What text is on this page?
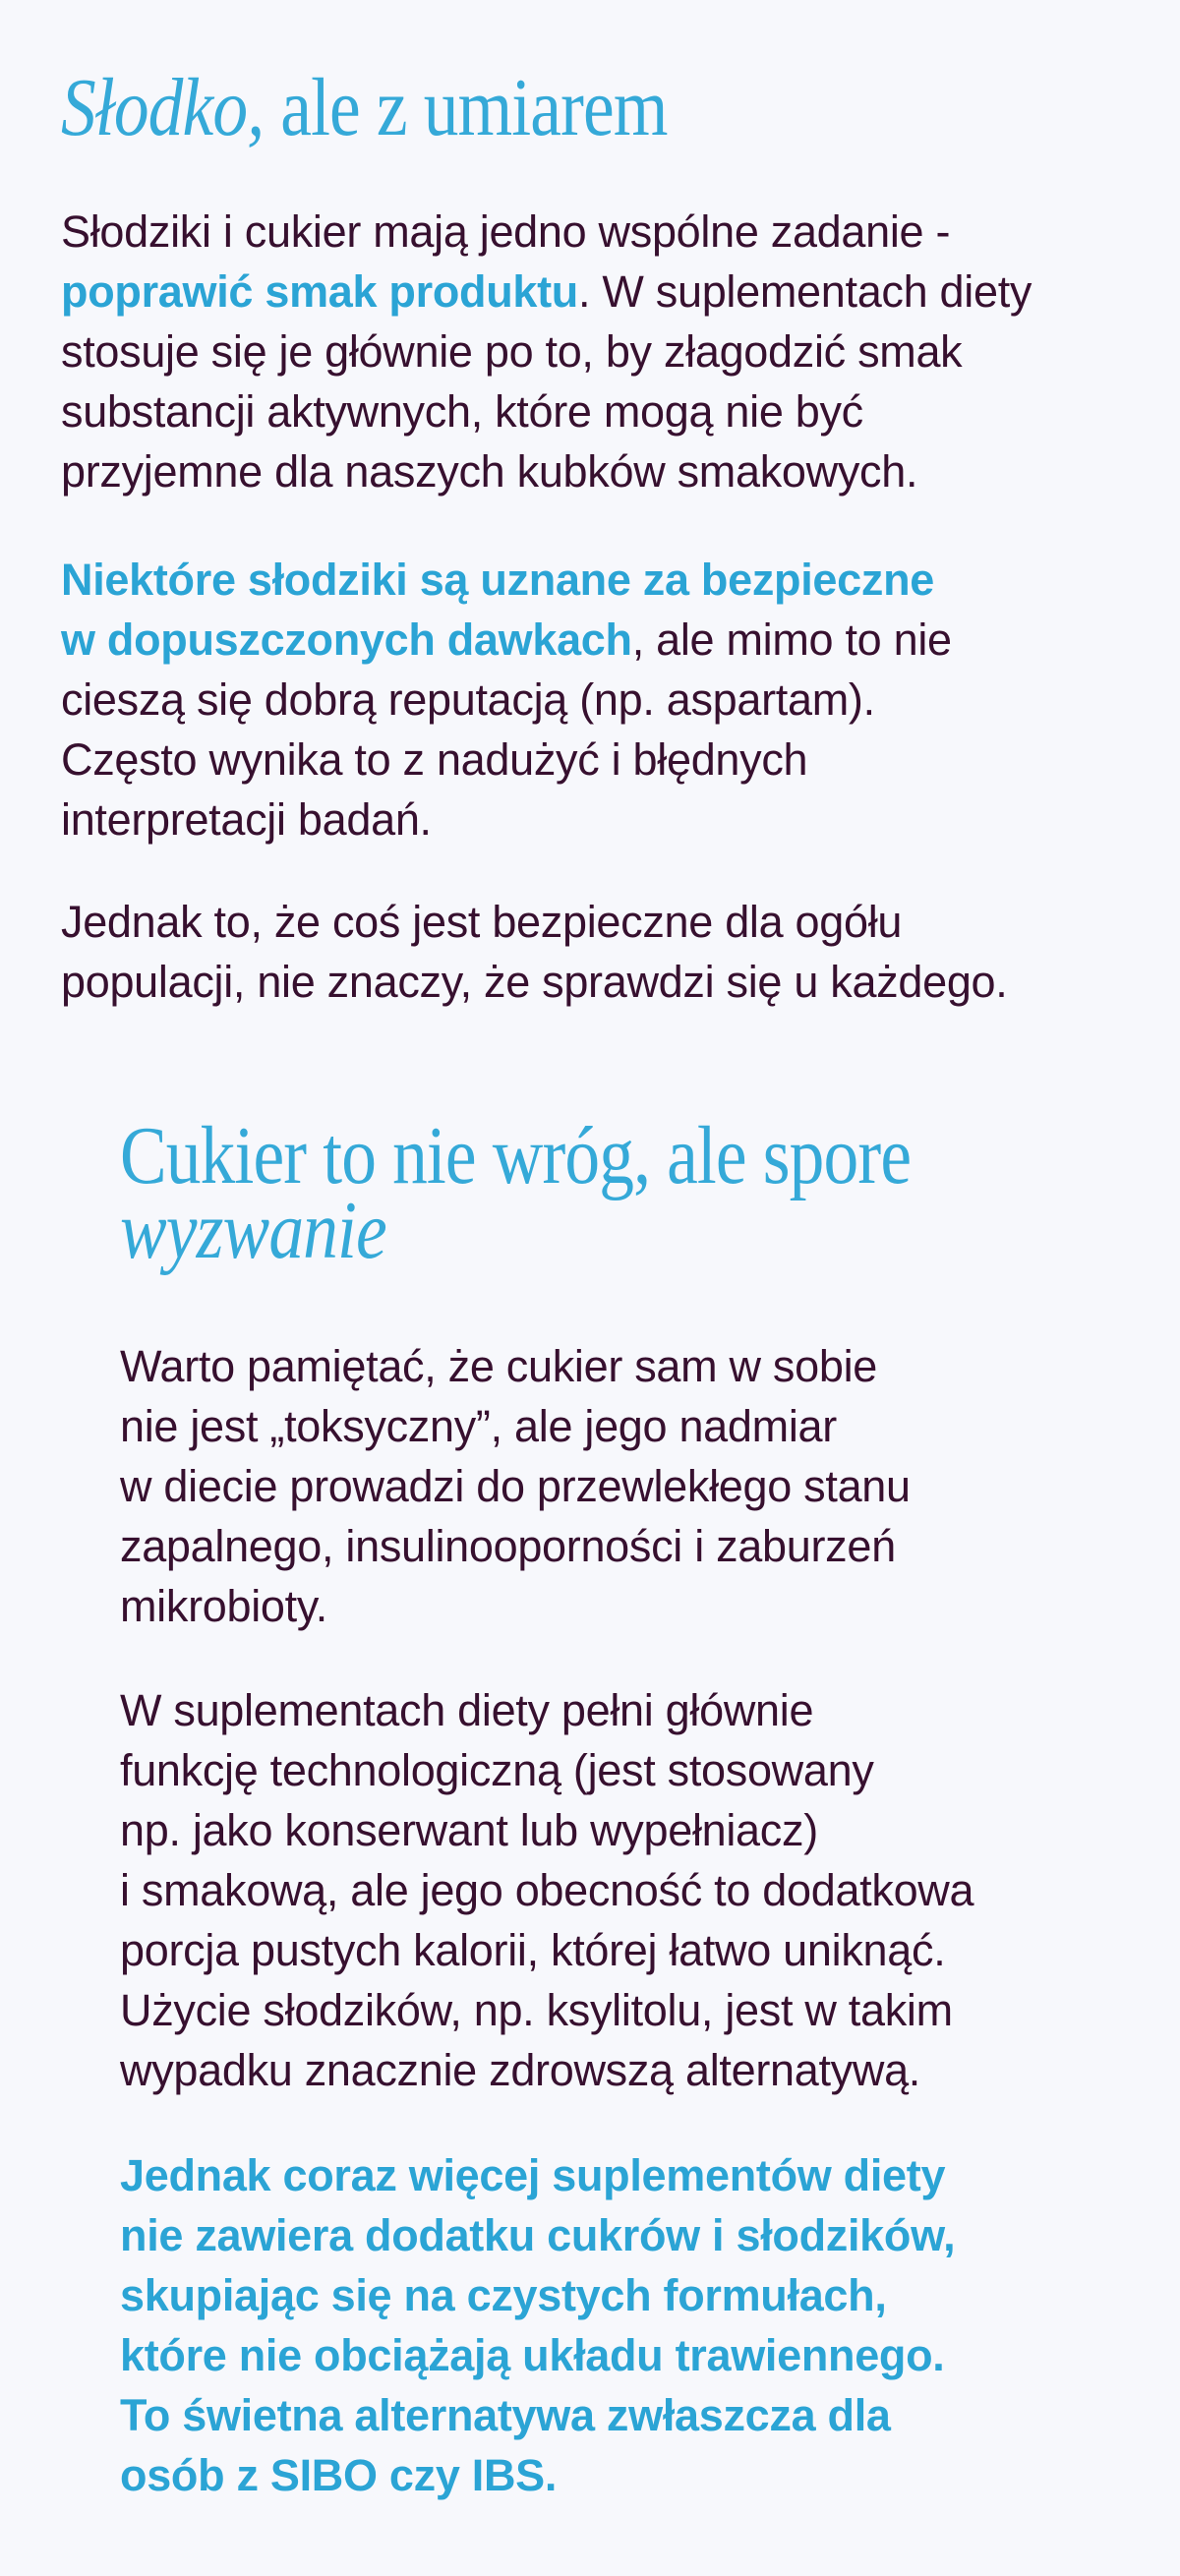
Słodko, ale z umiarem
Słodziki i cukier mają jedno wspólne zadanie -
poprawić smak produktu. W suplementach diety
stosuje się je głównie po to, by złagodzić smak
substancji aktywnych, które mogą nie być
przyjemne dla naszych kubków smakowych.
Niektóre słodziki są uznane za bezpieczne
w dopuszczonych dawkach, ale mimo to nie
cieszą się dobrą reputacją (np. aspartam).
Często wynika to z nadużyć i błędnych
interpretacji badań.
Jednak to, że coś jest bezpieczne dla ogółu
populacji, nie znaczy, że sprawdzi się u każdego.
Cukier to nie wróg, ale spore
wyzwanie
Warto pamiętać, że cukier sam w sobie
nie jest „toksyczny”, ale jego nadmiar
w diecie prowadzi do przewlekłego stanu
zapalnego, insulinooporności i zaburzeń
mikrobioty.
W suplementach diety pełni głównie
funkcję technologiczną (jest stosowany
np. jako konserwant lub wypełniacz)
i smakową, ale jego obecność to dodatkowa
porcja pustych kalorii, której łatwo uniknąć.
Użycie słodzików, np. ksylitolu, jest w takim
wypadku znacznie zdrowszą alternatywą.
Jednak coraz więcej suplementów diety
nie zawiera dodatku cukrów i słodzików,
skupiając się na czystych formułach,
które nie obciążają układu trawiennego.
To świetna alternatywa zwłaszcza dla
osób z SIBO czy IBS.
